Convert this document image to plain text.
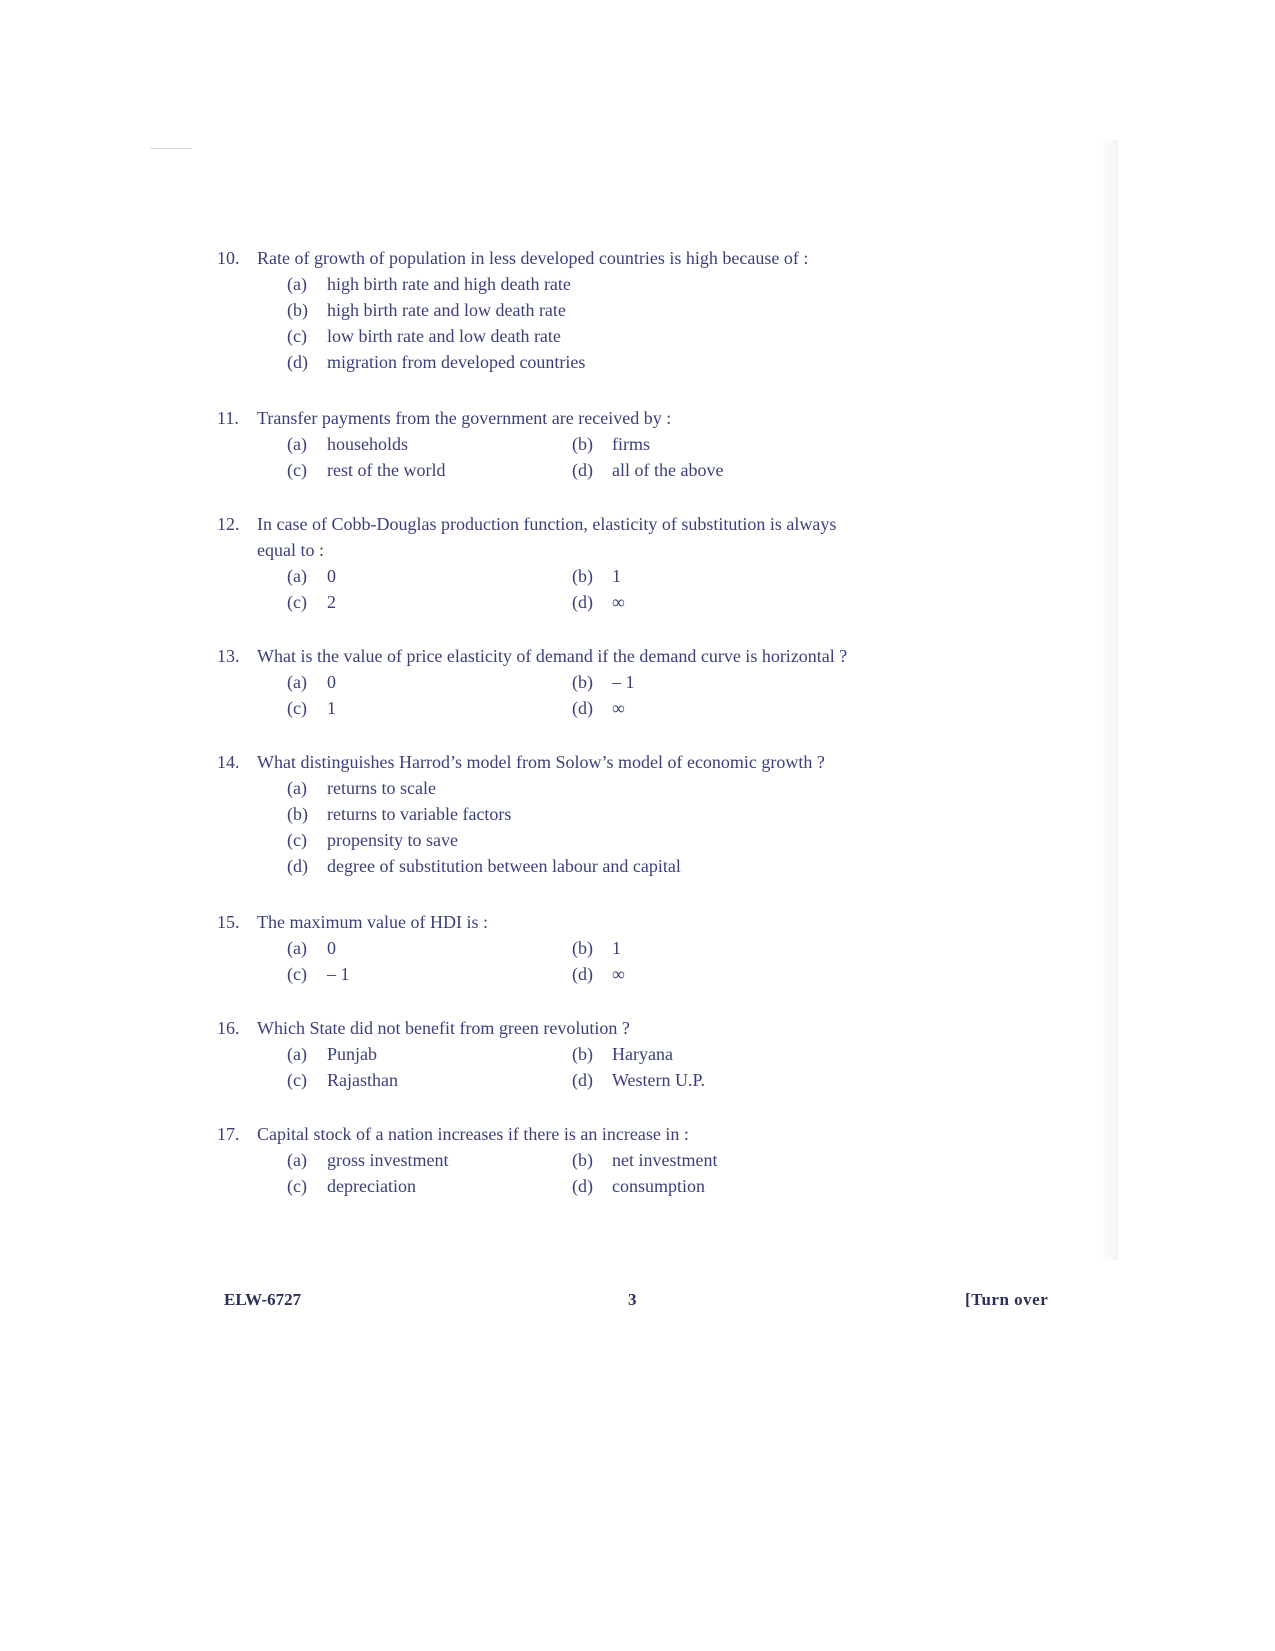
10. Rate of growth of population in less developed countries is high because of :
(a)	high birth rate and high death rate
(b)	high birth rate and low death rate
(c)	low birth rate and low death rate
(d)	migration from developed countries
11. Transfer payments from the government are received by :
(a)	households	(b)	firms
(c)	rest of the world	(d)	all of the above
12. In case of Cobb-Douglas production function, elasticity of substitution is always equal to :
(a)	0	(b)	1
(c)	2	(d)	∞
13. What is the value of price elasticity of demand if the demand curve is horizontal ?
(a)	0	(b)	– 1
(c)	1	(d)	∞
14. What distinguishes Harrod’s model from Solow’s model of economic growth ?
(a)	returns to scale
(b)	returns to variable factors
(c)	propensity to save
(d)	degree of substitution between labour and capital
15. The maximum value of HDI is :
(a)	0	(b)	1
(c)	– 1	(d)	∞
16. Which State did not benefit from green revolution ?
(a)	Punjab	(b)	Haryana
(c)	Rajasthan	(d)	Western U.P.
17. Capital stock of a nation increases if there is an increase in :
(a)	gross investment	(b)	net investment
(c)	depreciation	(d)	consumption
ELW-6727	3	[Turn over
